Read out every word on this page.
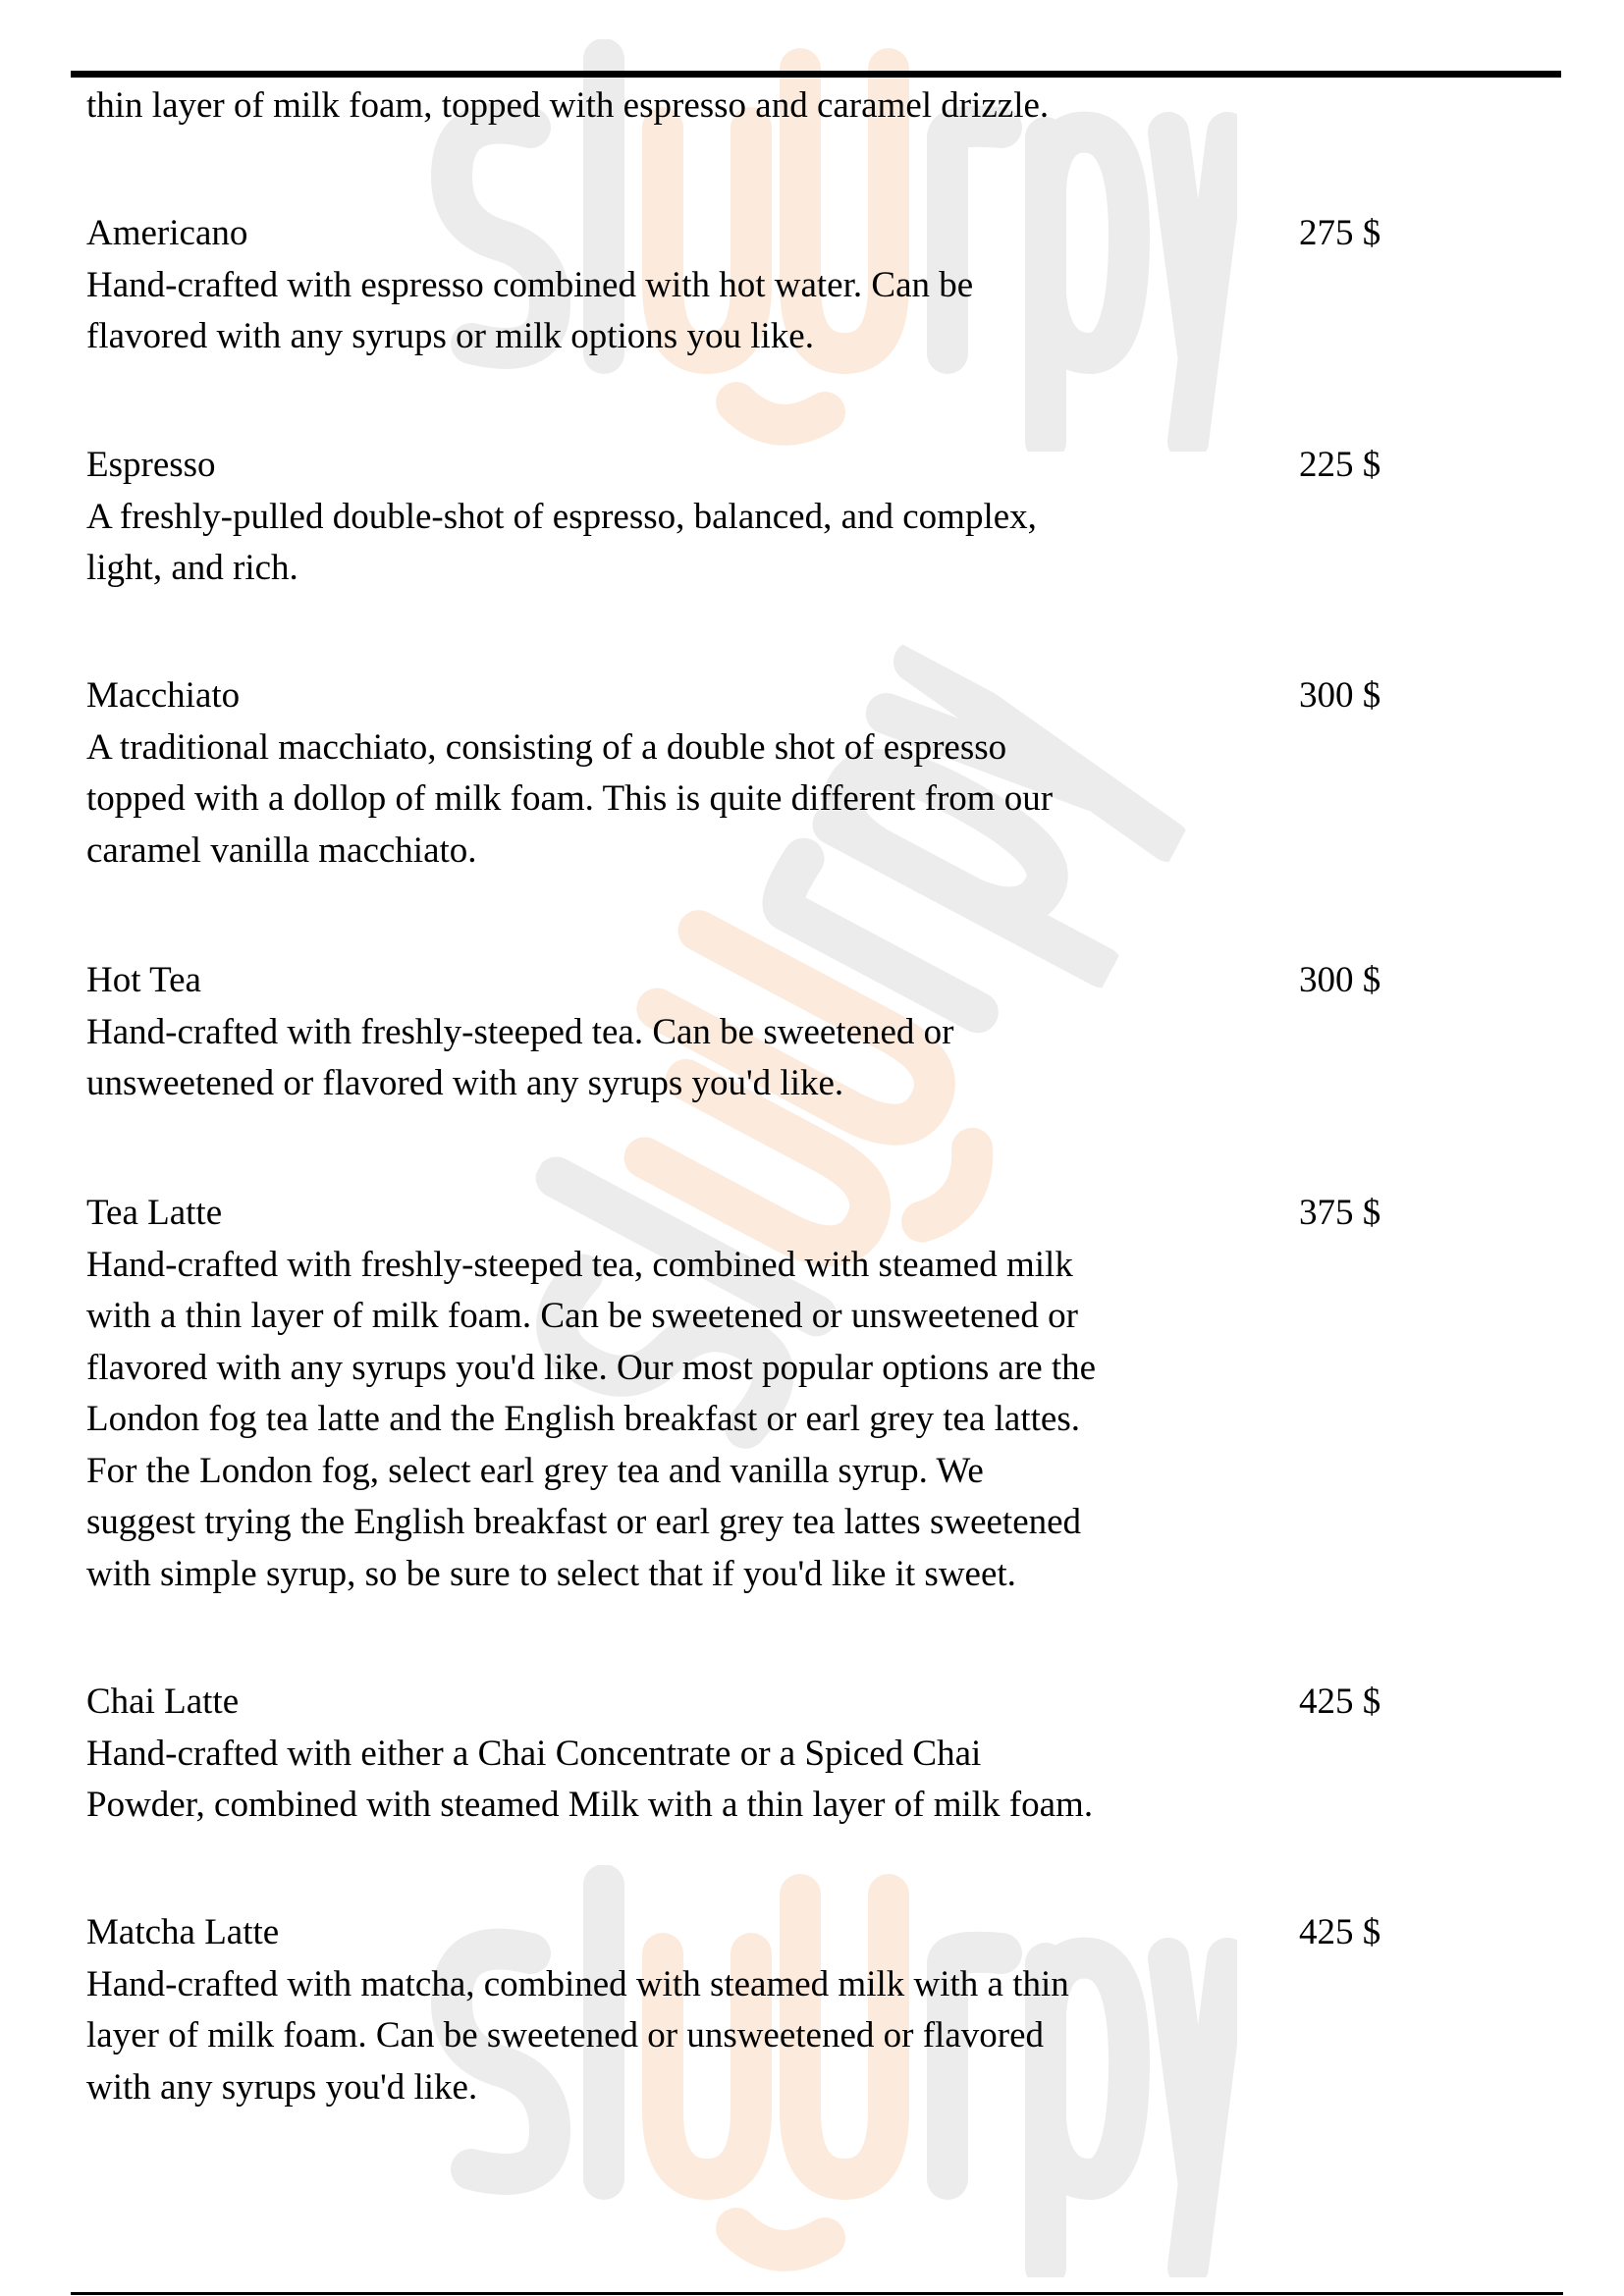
thin layer of milk foam, topped with espresso and caramel drizzle.
Americano	275 $
Hand-crafted with espresso combined with hot water. Can be
flavored with any syrups or milk options you like.
Espresso	225 $
A freshly-pulled double-shot of espresso, balanced, and complex,
light, and rich.
Macchiato	300 $
A traditional macchiato, consisting of a double shot of espresso
topped with a dollop of milk foam. This is quite different from our
caramel vanilla macchiato.
Hot Tea	300 $
Hand-crafted with freshly-steeped tea. Can be sweetened or
unsweetened or flavored with any syrups you'd like.
Tea Latte	375 $
Hand-crafted with freshly-steeped tea, combined with steamed milk
with a thin layer of milk foam. Can be sweetened or unsweetened or
flavored with any syrups you'd like. Our most popular options are the
London fog tea latte and the English breakfast or earl grey tea lattes.
For the London fog, select earl grey tea and vanilla syrup. We
suggest trying the English breakfast or earl grey tea lattes sweetened
with simple syrup, so be sure to select that if you'd like it sweet.
Chai Latte	425 $
Hand-crafted with either a Chai Concentrate or a Spiced Chai
Powder, combined with steamed Milk with a thin layer of milk foam.
Matcha Latte	425 $
Hand-crafted with matcha, combined with steamed milk with a thin
layer of milk foam. Can be sweetened or unsweetened or flavored
with any syrups you'd like.
